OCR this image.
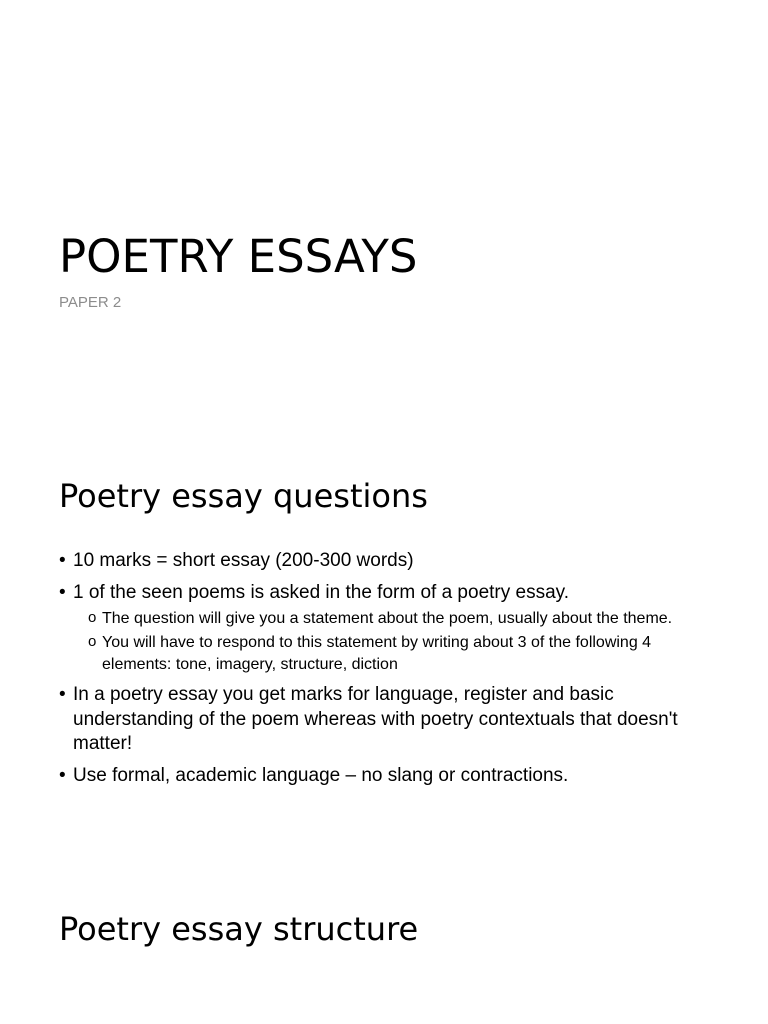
POETRY ESSAYS
PAPER 2
Poetry essay questions
• 10 marks = short essay (200-300 words)
• 1 of the seen poems is asked in the form of a poetry essay.
o The question will give you a statement about the poem, usually about the theme.
o You will have to respond to this statement by writing about 3 of the following 4 elements: tone, imagery, structure, diction
• In a poetry essay you get marks for language, register and basic understanding of the poem whereas with poetry contextuals that doesn't matter!
• Use formal, academic language – no slang or contractions.
Poetry essay structure
